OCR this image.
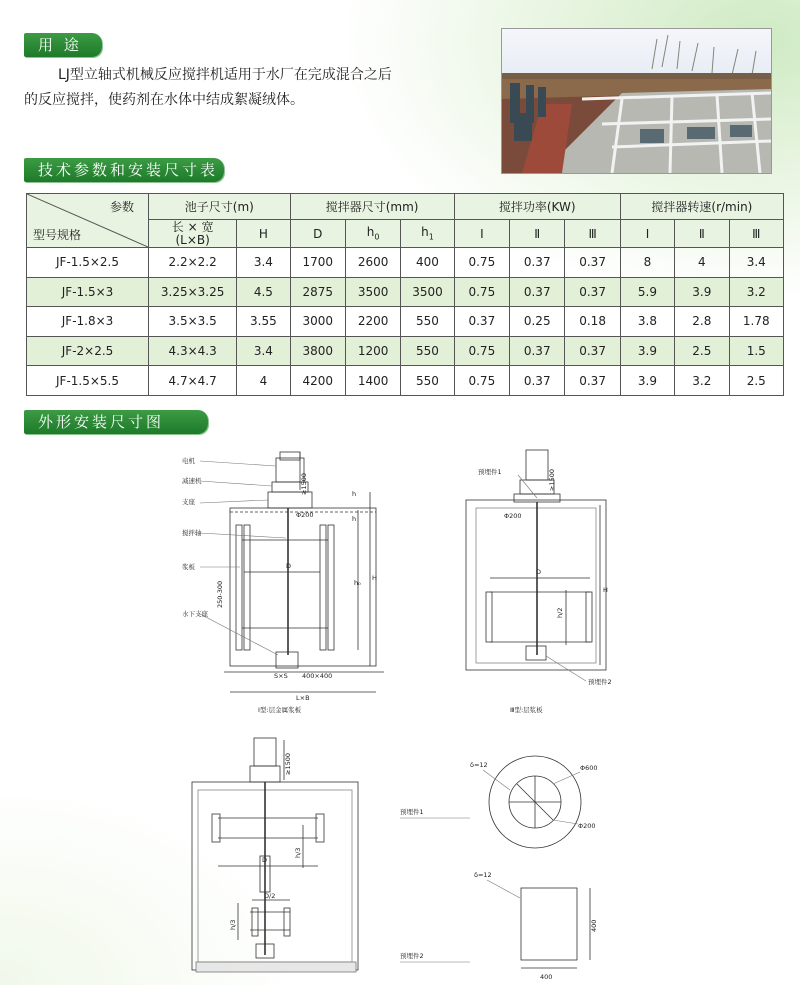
用 途

LJ型立轴式机械反应搅拌机适用于水厂在完成混合之后

的反应搅拌，使药剂在水体中结成絮凝绒体。

技术参数和安装尺寸表
参数
型号规格	池子尺寸(m)		搅拌器尺寸(mm)			搅拌功率(KW)			搅拌器转速(r/min)		
	长 × 宽
(L×B)	H	D	$h_0$	$h_1$	Ⅰ	Ⅱ	Ⅲ	Ⅰ	Ⅱ	Ⅲ
JF-1.5×2.5	2.2×2.2	3.4	1700	2600	400	0.75	0.37	0.37	8	4	3.4
JF-1.5×3	3.25×3.25	4.5	2875	3500	3500	0.75	0.37	0.37	5.9	3.9	3.2
JF-1.8×3	3.5×3.5	3.55	3000	2200	550	0.37	0.25	0.18	3.8	2.8	1.78
JF-2×2.5	4.3×4.3	3.4	3800	1200	550	0.75	0.37	0.37	3.9	2.5	1.5
JF-1.5×5.5	4.7×4.7	4	4200	1400	550	0.75	0.37	0.37	3.9	3.2	2.5
外形安装尺寸图
电机
减速机
支座
搅拌轴
浆板
水下支座
h
h
Φ200
D
h₀
H
S×S 400×400
L×B
250-300
≥1500
Ⅰ型:层金属浆板
预埋件1
Φ200
≥1500
D
h/2
H
预埋件2
Ⅲ型:层浆板
≥1500
D
D/2
h/3
h/3
预埋件1
δ=12	Φ600
Φ200
预埋件2
δ=12
400
400
